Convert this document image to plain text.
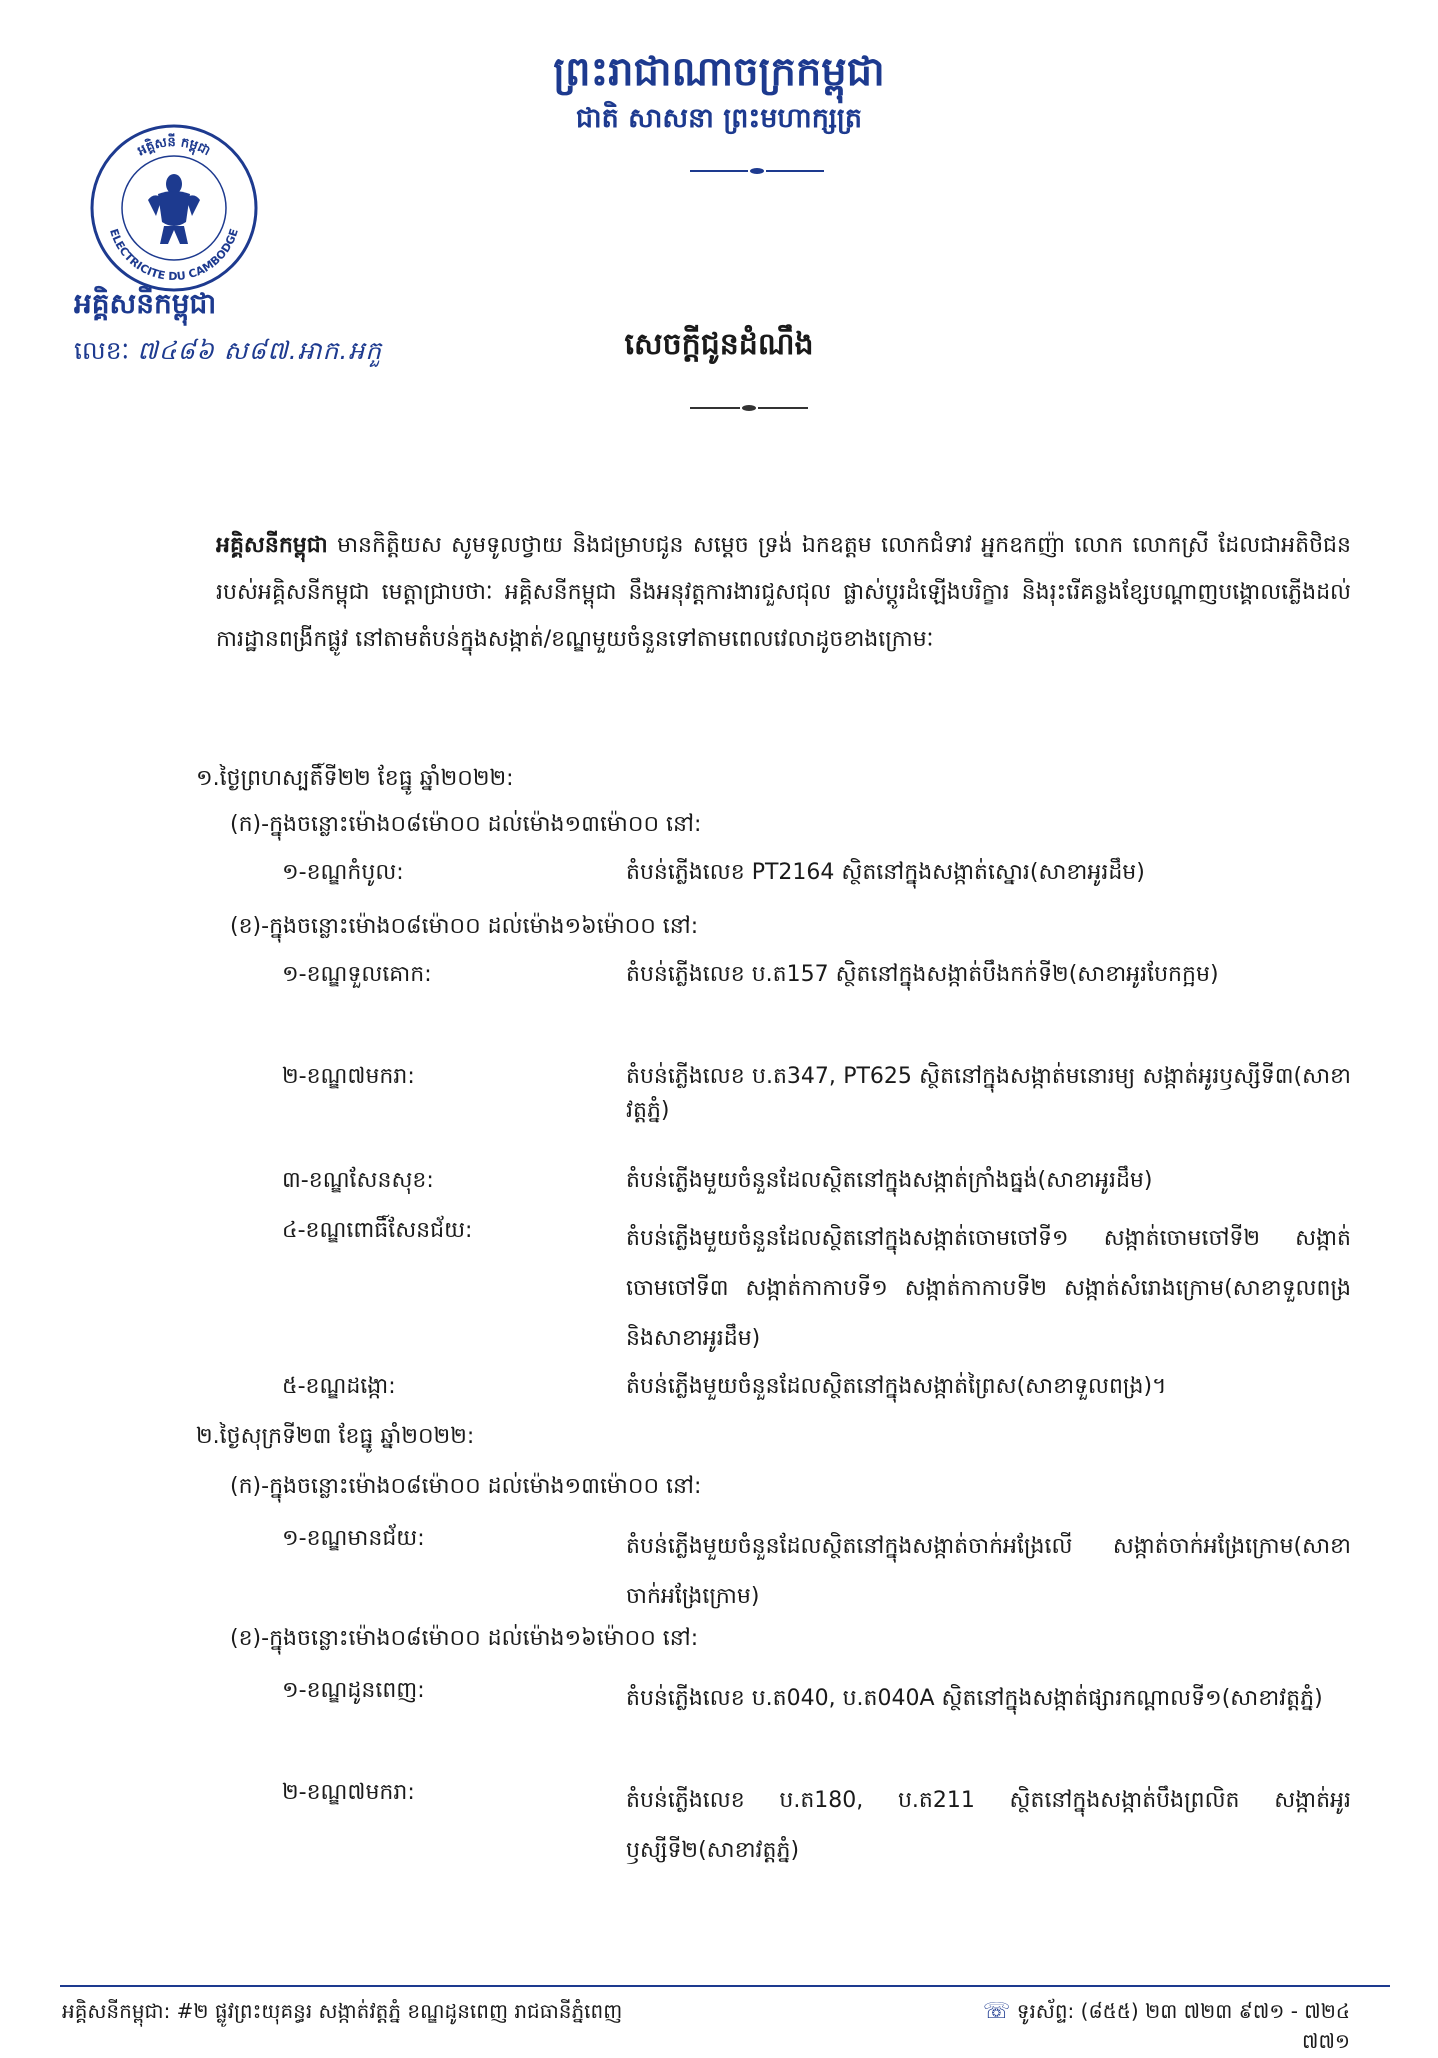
ព្រះរាជាណាចក្រកម្ពុជា
ជាតិ សាសនា ព្រះមហាក្សត្រ
អគ្គិសនី កម្ពុជា
ELECTRICITE DU CAMBODGE
អគ្គិសនីកម្ពុជា
លេខៈ ៧៤៨៦ ស៨៧.អាក.អកួ	សេចក្ដីជូនដំណឹង
អគ្គិសនីកម្ពុជា មានកិត្តិយស សូមទូលថ្វាយ និងជម្រាបជូន សម្ដេច ទ្រង់ ឯកឧត្តម លោកជំទាវ អ្នកឧកញ៉ា លោក លោកស្រី ដែលជាអតិថិជនរបស់អគ្គិសនីកម្ពុជា មេត្តាជ្រាបថាៈ អគ្គិសនីកម្ពុជា នឹងអនុវត្តការងារជួសជុល ផ្លាស់ប្ដូរដំឡើងបរិក្ខារ និងរុះរើគន្លងខ្សែបណ្ដាញបង្គោលភ្លើងដល់ការដ្ឋានពង្រីកផ្លូវ នៅតាមតំបន់ក្នុងសង្កាត់/ខណ្ឌមួយចំនួនទៅតាមពេលវេលាដូចខាងក្រោមៈ
១.ថ្ងៃព្រហស្បតិ៍ទី២២ ខែធ្នូ ឆ្នាំ២០២២:
(ក)-ក្នុងចន្លោះម៉ោង០៨ម៉ោ០០ ដល់ម៉ោង១៣ម៉ោ០០ នៅ:
១-ខណ្ឌកំបូល:	តំបន់ភ្លើងលេខ PT2164 ស្ថិតនៅក្នុងសង្កាត់ស្នោរ(សាខាអូរដឹម)
(ខ)-ក្នុងចន្លោះម៉ោង០៨ម៉ោ០០ ដល់ម៉ោង១៦ម៉ោ០០ នៅ:
១-ខណ្ឌទួលគោក:	តំបន់ភ្លើងលេខ ប.ត157 ស្ថិតនៅក្នុងសង្កាត់បឹងកក់ទី២(សាខាអូរបែកក្អម)
២-ខណ្ឌ៧មករា:	តំបន់ភ្លើងលេខ ប.ត347, PT625 ស្ថិតនៅក្នុងសង្កាត់មនោរម្យ សង្កាត់អូរឫស្សីទី៣(សាខាវត្តភ្នំ)
៣-ខណ្ឌសែនសុខ:	តំបន់ភ្លើងមួយចំនួនដែលស្ថិតនៅក្នុងសង្កាត់ក្រាំងធ្នង់(សាខាអូរដឹម)
៤-ខណ្ឌពោធិ៍សែនជ័យ:	តំបន់ភ្លើងមួយចំនួនដែលស្ថិតនៅក្នុងសង្កាត់ចោមចៅទី១ សង្កាត់ចោមចៅទី២ សង្កាត់ចោមចៅទី៣ សង្កាត់កាកាបទី១ សង្កាត់កាកាបទី២ សង្កាត់សំរោងក្រោម(សាខាទួលពង្រ និងសាខាអូរដឹម)
៥-ខណ្ឌដង្កោ:	តំបន់ភ្លើងមួយចំនួនដែលស្ថិតនៅក្នុងសង្កាត់ព្រៃស(សាខាទួលពង្រ)។
២.ថ្ងៃសុក្រទី២៣ ខែធ្នូ ឆ្នាំ២០២២:
(ក)-ក្នុងចន្លោះម៉ោង០៨ម៉ោ០០ ដល់ម៉ោង១៣ម៉ោ០០ នៅ:
១-ខណ្ឌមានជ័យ:	តំបន់ភ្លើងមួយចំនួនដែលស្ថិតនៅក្នុងសង្កាត់ចាក់អង្រែលើ សង្កាត់ចាក់អង្រែក្រោម(សាខាចាក់អង្រែក្រោម)
(ខ)-ក្នុងចន្លោះម៉ោង០៨ម៉ោ០០ ដល់ម៉ោង១៦ម៉ោ០០ នៅ:
១-ខណ្ឌដូនពេញ:	តំបន់ភ្លើងលេខ ប.ត040, ប.ត040A ស្ថិតនៅក្នុងសង្កាត់ផ្សារកណ្ដាលទី១(សាខាវត្តភ្នំ)
២-ខណ្ឌ៧មករា:	តំបន់ភ្លើងលេខ ប.ត180, ប.ត211 ស្ថិតនៅក្នុងសង្កាត់បឹងព្រលិត សង្កាត់អូរឫស្សីទី២(សាខាវត្តភ្នំ)
អគ្គិសនីកម្ពុជា: #២ ផ្លូវព្រះយុគន្ធរ សង្កាត់វត្តភ្នំ ខណ្ឌដូនពេញ រាជធានីភ្នំពេញ	☏ ទូរស័ព្ទ: (៨៥៥) ២៣ ៧២៣ ៩៧១ - ៧២៤ ៧៧១
